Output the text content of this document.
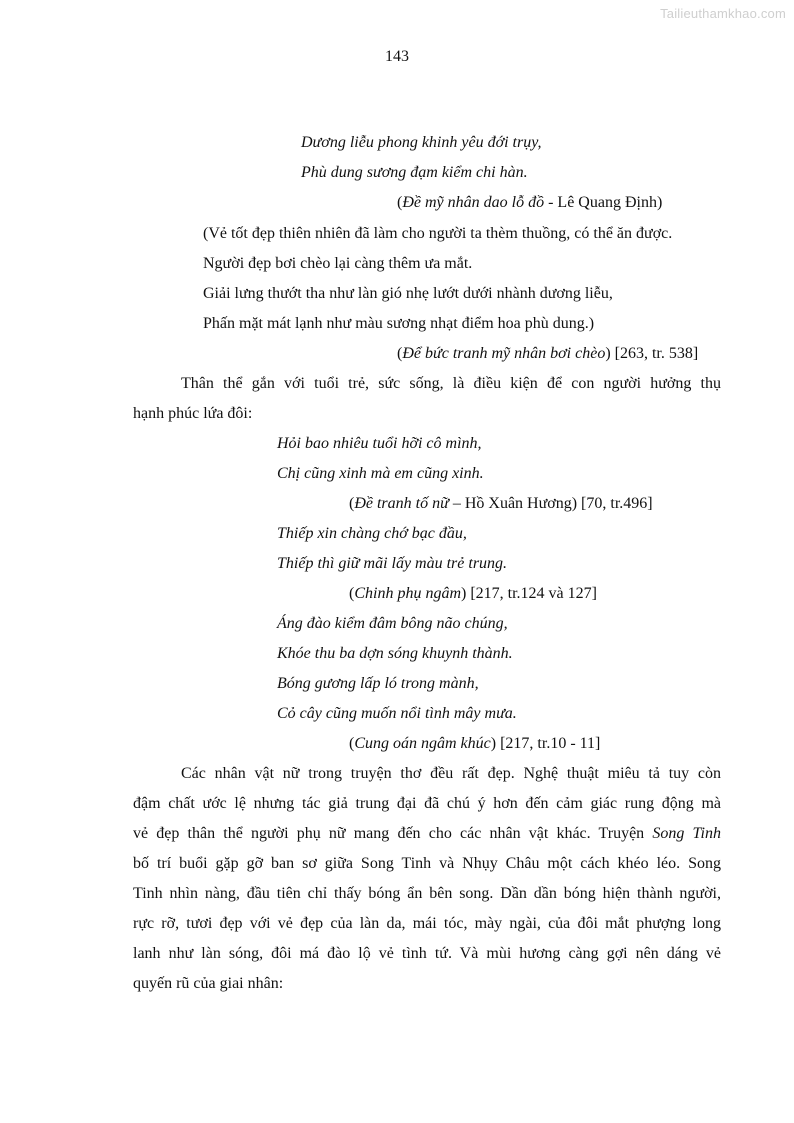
Tailieuthamkhao.com
143
Dương liễu phong khinh yêu đới trụy,
Phù dung sương đạm kiểm chi hàn.
(Đề mỹ nhân dao lỗ đồ - Lê Quang Định)
(Vẻ tốt đẹp thiên nhiên đã làm cho người ta thèm thuồng, có thể ăn được.
Người đẹp bơi chèo lại càng thêm ưa mắt.
Giải lưng thướt tha như làn gió nhẹ lướt dưới nhành dương liễu,
Phấn mặt mát lạnh như màu sương nhạt điểm hoa phù dung.)
(Để bức tranh mỹ nhân bơi chèo) [263, tr. 538]
Thân thể gắn với tuổi trẻ, sức sống, là điều kiện để con người hưởng thụ
hạnh phúc lứa đôi:
Hỏi bao nhiêu tuổi hỡi cô mình,
Chị cũng xinh mà em cũng xinh.
(Đề tranh tố nữ – Hồ Xuân Hương) [70, tr.496]
Thiếp xin chàng chớ bạc đầu,
Thiếp thì giữ mãi lấy màu trẻ trung.
(Chinh phụ ngâm) [217, tr.124 và 127]
Áng đào kiểm đâm bông não chúng,
Khóe thu ba dợn sóng khuynh thành.
Bóng gương lấp ló trong mành,
Cỏ cây cũng muốn nổi tình mây mưa.
(Cung oán ngâm khúc) [217, tr.10 - 11]
Các nhân vật nữ trong truyện thơ đều rất đẹp. Nghệ thuật miêu tả tuy còn
đậm chất ước lệ nhưng tác giả trung đại đã chú ý hơn đến cảm giác rung động mà
vẻ đẹp thân thể người phụ nữ mang đến cho các nhân vật khác. Truyện Song Tinh
bố trí buổi gặp gỡ ban sơ giữa Song Tinh và Nhụy Châu một cách khéo léo. Song
Tinh nhìn nàng, đầu tiên chỉ thấy bóng ẩn bên song. Dần dần bóng hiện thành người,
rực rỡ, tươi đẹp với vẻ đẹp của làn da, mái tóc, mày ngài, của đôi mắt phượng long
lanh như làn sóng, đôi má đào lộ vẻ tình tứ. Và mùi hương càng gợi nên dáng vẻ
quyến rũ của giai nhân:
